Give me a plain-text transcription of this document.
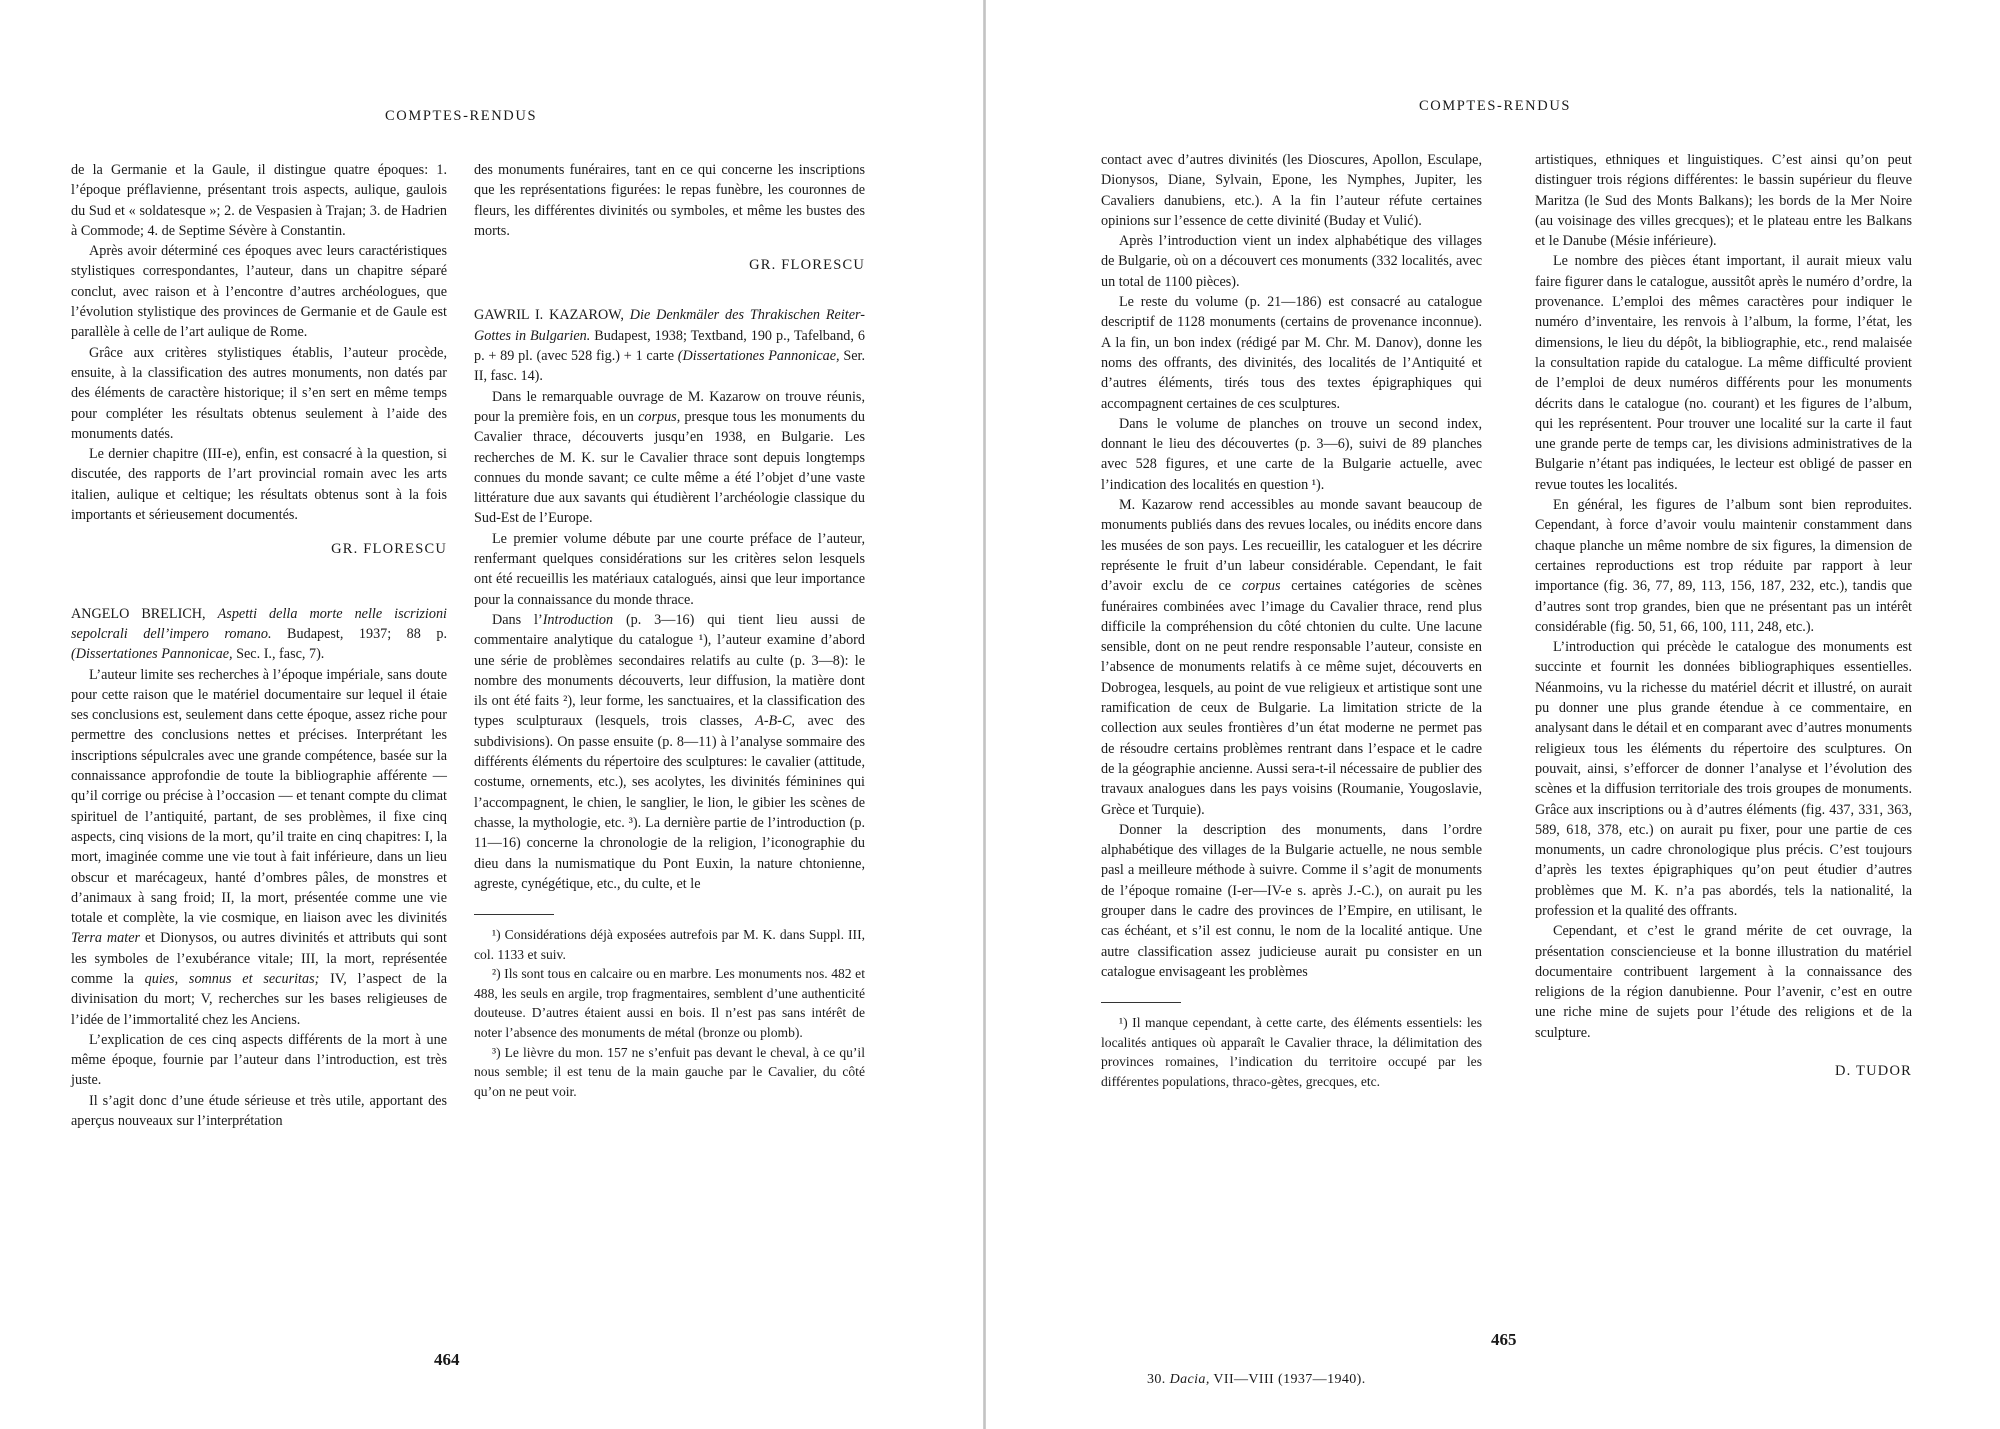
COMPTES-RENDUS

de la Germanie et la Gaule, il distingue quatre époques: 1. l’époque préflavienne, présentant trois aspects, aulique, gaulois du Sud et « soldatesque »; 2. de Vespasien à Trajan; 3. de Hadrien à Commode; 4. de Septime Sévère à Constantin.

Après avoir déterminé ces époques avec leurs caractéristiques stylistiques correspondantes, l’auteur, dans un chapitre séparé conclut, avec raison et à l’encontre d’autres archéologues, que l’évolution stylistique des provinces de Germanie et de Gaule est parallèle à celle de l’art aulique de Rome.

Grâce aux critères stylistiques établis, l’auteur procède, ensuite, à la classification des autres monuments, non datés par des éléments de caractère historique; il s’en sert en même temps pour compléter les résultats obtenus seulement à l’aide des monuments datés.

Le dernier chapitre (III-e), enfin, est consacré à la question, si discutée, des rapports de l’art provincial romain avec les arts italien, aulique et celtique; les résultats obtenus sont à la fois importants et sérieusement documentés.

GR. FLORESCU

ANGELO BRELICH, Aspetti della morte nelle iscrizioni sepolcrali dell’impero romano. Budapest, 1937; 88 p. (Dissertationes Pannonicae, Sec. I., fasc, 7).

L’auteur limite ses recherches à l’époque impériale, sans doute pour cette raison que le matériel documentaire sur lequel il étaie ses conclusions est, seulement dans cette époque, assez riche pour permettre des conclusions nettes et précises. Interprétant les inscriptions sépulcrales avec une grande compétence, basée sur la connaissance approfondie de toute la bibliographie afférente — qu’il corrige ou précise à l’occasion — et tenant compte du climat spirituel de l’antiquité, partant, de ses problèmes, il fixe cinq aspects, cinq visions de la mort, qu’il traite en cinq chapitres: I, la mort, imaginée comme une vie tout à fait inférieure, dans un lieu obscur et marécageux, hanté d’ombres pâles, de monstres et d’animaux à sang froid; II, la mort, présentée comme une vie totale et complète, la vie cosmique, en liaison avec les divinités Terra mater et Dionysos, ou autres divinités et attributs qui sont les symboles de l’exubérance vitale; III, la mort, représentée comme la quies, somnus et securitas; IV, l’aspect de la divinisation du mort; V, recherches sur les bases religieuses de l’idée de l’immortalité chez les Anciens.

L’explication de ces cinq aspects différents de la mort à une même époque, fournie par l’auteur dans l’introduction, est très juste.

Il s’agit donc d’une étude sérieuse et très utile, apportant des aperçus nouveaux sur l’interprétation

des monuments funéraires, tant en ce qui concerne les inscriptions que les représentations figurées: le repas funèbre, les couronnes de fleurs, les différentes divinités ou symboles, et même les bustes des morts.

GR. FLORESCU

GAWRIL I. KAZAROW, Die Denkmäler des Thrakischen Reiter-Gottes in Bulgarien. Budapest, 1938; Textband, 190 p., Tafelband, 6 p. + 89 pl. (avec 528 fig.) + 1 carte (Dissertationes Pannonicae, Ser. II, fasc. 14).

Dans le remarquable ouvrage de M. Kazarow on trouve réunis, pour la première fois, en un corpus, presque tous les monuments du Cavalier thrace, découverts jusqu’en 1938, en Bulgarie. Les recherches de M. K. sur le Cavalier thrace sont depuis longtemps connues du monde savant; ce culte même a été l’objet d’une vaste littérature due aux savants qui étudièrent l’archéologie classique du Sud-Est de l’Europe.

Le premier volume débute par une courte préface de l’auteur, renfermant quelques considérations sur les critères selon lesquels ont été recueillis les matériaux catalogués, ainsi que leur importance pour la connaissance du monde thrace.

Dans l’Introduction (p. 3—16) qui tient lieu aussi de commentaire analytique du catalogue ¹), l’auteur examine d’abord une série de problèmes secondaires relatifs au culte (p. 3—8): le nombre des monuments découverts, leur diffusion, la matière dont ils ont été faits ²), leur forme, les sanctuaires, et la classification des types sculpturaux (lesquels, trois classes, A-B-C, avec des subdivisions). On passe ensuite (p. 8—11) à l’analyse sommaire des différents éléments du répertoire des sculptures: le cavalier (attitude, costume, ornements, etc.), ses acolytes, les divinités féminines qui l’accompagnent, le chien, le sanglier, le lion, le gibier les scènes de chasse, la mythologie, etc. ³). La dernière partie de l’introduction (p. 11—16) concerne la chronologie de la religion, l’iconographie du dieu dans la numismatique du Pont Euxin, la nature chtonienne, agreste, cynégétique, etc., du culte, et le

¹) Considérations déjà exposées autrefois par M. K. dans Suppl. III, col. 1133 et suiv.

²) Ils sont tous en calcaire ou en marbre. Les monuments nos. 482 et 488, les seuls en argile, trop fragmentaires, semblent d’une authenticité douteuse. D’autres étaient aussi en bois. Il n’est pas sans intérêt de noter l’absence des monuments de métal (bronze ou plomb).

³) Le lièvre du mon. 157 ne s’enfuit pas devant le cheval, à ce qu’il nous semble; il est tenu de la main gauche par le Cavalier, du côté qu’on ne peut voir.

464
COMPTES-RENDUS

contact avec d’autres divinités (les Dioscures, Apollon, Esculape, Dionysos, Diane, Sylvain, Epone, les Nymphes, Jupiter, les Cavaliers danubiens, etc.). A la fin l’auteur réfute certaines opinions sur l’essence de cette divinité (Buday et Vulić).

Après l’introduction vient un index alphabétique des villages de Bulgarie, où on a découvert ces monuments (332 localités, avec un total de 1100 pièces).

Le reste du volume (p. 21—186) est consacré au catalogue descriptif de 1128 monuments (certains de provenance inconnue). A la fin, un bon index (rédigé par M. Chr. M. Danov), donne les noms des offrants, des divinités, des localités de l’Antiquité et d’autres éléments, tirés tous des textes épigraphiques qui accompagnent certaines de ces sculptures.

Dans le volume de planches on trouve un second index, donnant le lieu des découvertes (p. 3—6), suivi de 89 planches avec 528 figures, et une carte de la Bulgarie actuelle, avec l’indication des localités en question ¹).

M. Kazarow rend accessibles au monde savant beaucoup de monuments publiés dans des revues locales, ou inédits encore dans les musées de son pays. Les recueillir, les cataloguer et les décrire représente le fruit d’un labeur considérable. Cependant, le fait d’avoir exclu de ce corpus certaines catégories de scènes funéraires combinées avec l’image du Cavalier thrace, rend plus difficile la compréhension du côté chtonien du culte. Une lacune sensible, dont on ne peut rendre responsable l’auteur, consiste en l’absence de monuments relatifs à ce même sujet, découverts en Dobrogea, lesquels, au point de vue religieux et artistique sont une ramification de ceux de Bulgarie. La limitation stricte de la collection aux seules frontières d’un état moderne ne permet pas de résoudre certains problèmes rentrant dans l’espace et le cadre de la géographie ancienne. Aussi sera-t-il nécessaire de publier des travaux analogues dans les pays voisins (Roumanie, Yougoslavie, Grèce et Turquie).

Donner la description des monuments, dans l’ordre alphabétique des villages de la Bulgarie actuelle, ne nous semble pasl a meilleure méthode à suivre. Comme il s’agit de monuments de l’époque romaine (I-er—IV-e s. après J.-C.), on aurait pu les grouper dans le cadre des provinces de l’Empire, en utilisant, le cas échéant, et s’il est connu, le nom de la localité antique. Une autre classification assez judicieuse aurait pu consister en un catalogue envisageant les problèmes

¹) Il manque cependant, à cette carte, des éléments essentiels: les localités antiques où apparaît le Cavalier thrace, la délimitation des provinces romaines, l’indication du territoire occupé par les différentes populations, thraco-gètes, grecques, etc.

artistiques, ethniques et linguistiques. C’est ainsi qu’on peut distinguer trois régions différentes: le bassin supérieur du fleuve Maritza (le Sud des Monts Balkans); les bords de la Mer Noire (au voisinage des villes grecques); et le plateau entre les Balkans et le Danube (Mésie inférieure).

Le nombre des pièces étant important, il aurait mieux valu faire figurer dans le catalogue, aussitôt après le numéro d’ordre, la provenance. L’emploi des mêmes caractères pour indiquer le numéro d’inventaire, les renvois à l’album, la forme, l’état, les dimensions, le lieu du dépôt, la bibliographie, etc., rend malaisée la consultation rapide du catalogue. La même difficulté provient de l’emploi de deux numéros différents pour les monuments décrits dans le catalogue (no. courant) et les figures de l’album, qui les représentent. Pour trouver une localité sur la carte il faut une grande perte de temps car, les divisions administratives de la Bulgarie n’étant pas indiquées, le lecteur est obligé de passer en revue toutes les localités.

En général, les figures de l’album sont bien reproduites. Cependant, à force d’avoir voulu maintenir constamment dans chaque planche un même nombre de six figures, la dimension de certaines reproductions est trop réduite par rapport à leur importance (fig. 36, 77, 89, 113, 156, 187, 232, etc.), tandis que d’autres sont trop grandes, bien que ne présentant pas un intérêt considérable (fig. 50, 51, 66, 100, 111, 248, etc.).

L’introduction qui précède le catalogue des monuments est succinte et fournit les données bibliographiques essentielles. Néanmoins, vu la richesse du matériel décrit et illustré, on aurait pu donner une plus grande étendue à ce commentaire, en analysant dans le détail et en comparant avec d’autres monuments religieux tous les éléments du répertoire des sculptures. On pouvait, ainsi, s’efforcer de donner l’analyse et l’évolution des scènes et la diffusion territoriale des trois groupes de monuments. Grâce aux inscriptions ou à d’autres éléments (fig. 437, 331, 363, 589, 618, 378, etc.) on aurait pu fixer, pour une partie de ces monuments, un cadre chronologique plus précis. C’est toujours d’après les textes épigraphiques qu’on peut étudier d’autres problèmes que M. K. n’a pas abordés, tels la nationalité, la profession et la qualité des offrants.

Cependant, et c’est le grand mérite de cet ouvrage, la présentation consciencieuse et la bonne illustration du matériel documentaire contribuent largement à la connaissance des religions de la région danubienne. Pour l’avenir, c’est en outre une riche mine de sujets pour l’étude des religions et de la sculpture.

D. TUDOR

465
30. Dacia, VII—VIII (1937—1940).
